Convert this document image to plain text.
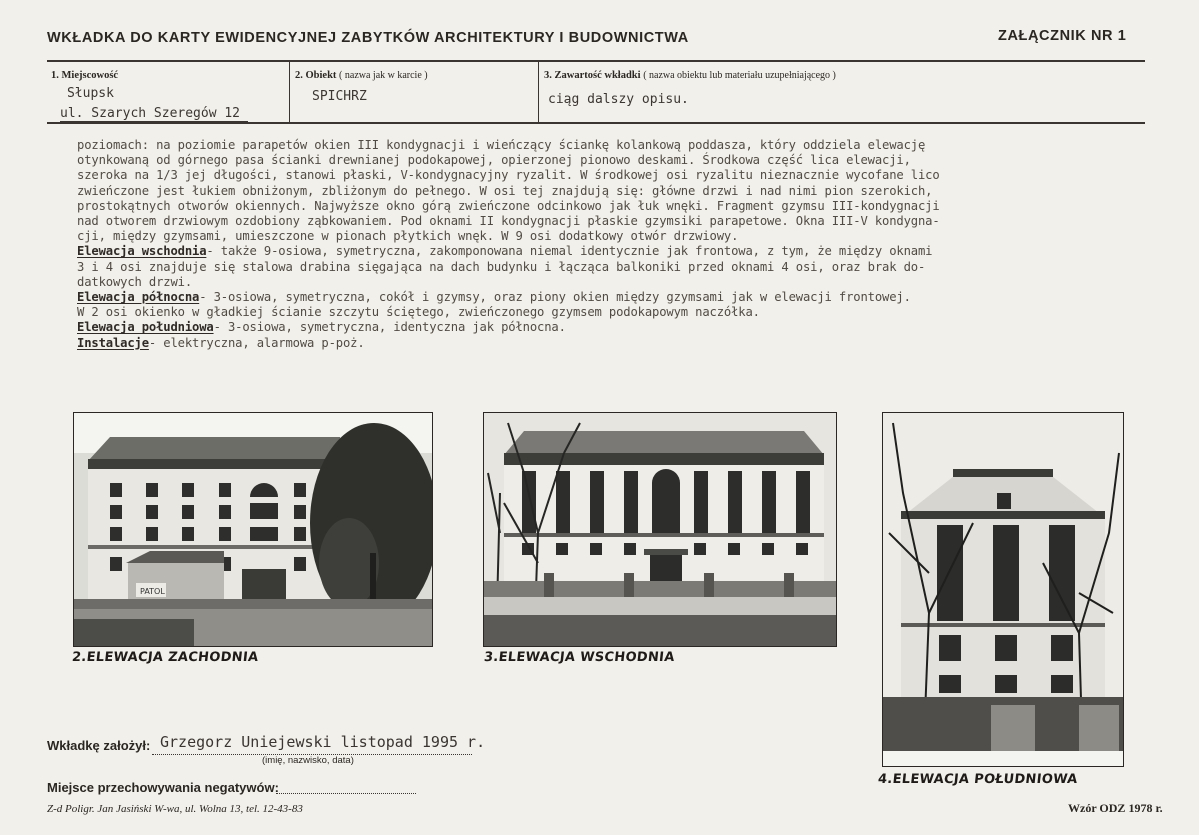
WKŁADKA DO KARTY EWIDENCYJNEJ ZABYTKÓW ARCHITEKTURY I BUDOWNICTWA	ZAŁĄCZNIK NR 1
1. Miejscowość
Słupsk
ul. Szarych Szeregów 12
2. Obiekt ( nazwa jak w karcie )
SPICHRZ
3. Zawartość wkładki ( nazwa obiektu lub materiału uzupełniającego )
ciąg dalszy opisu.
poziomach: na poziomie parapetów okien III kondygnacji i wieńczący ściankę kolankową poddasza, który oddziela elewację
otynkowaną od górnego pasa ścianki drewnianej podokapowej, opierzonej pionowo deskami. Środkowa część lica elewacji,
szeroka na 1/3 jej długości, stanowi płaski, V-kondygnacyjny ryzalit. W środkowej osi ryzalitu nieznacznie wycofane lico
zwieńczone jest łukiem obniżonym, zbliżonym do pełnego. W osi tej znajdują się: główne drzwi i nad nimi pion szerokich,
prostokątnych otworów okiennych. Najwyższe okno górą zwieńczone odcinkowo jak łuk wnęki. Fragment gzymsu III-kondygnacji
nad otworem drzwiowym ozdobiony ząbkowaniem. Pod oknami II kondygnacji płaskie gzymsiki parapetowe. Okna III-V kondygna-
cji, między gzymsami, umieszczone w pionach płytkich wnęk. W 9 osi dodatkowy otwór drzwiowy.
Elewacja wschodnia- także 9-osiowa, symetryczna, zakomponowana niemal identycznie jak frontowa, z tym, że między oknami
3 i 4 osi znajduje się stalowa drabina sięgająca na dach budynku i łącząca balkoniki przed oknami 4 osi, oraz brak do-
datkowych drzwi.
Elewacja północna- 3-osiowa, symetryczna, cokół i gzymsy, oraz piony okien między gzymsami jak w elewacji frontowej.
W 2 osi okienko w gładkiej ścianie szczytu ściętego, zwieńczonego gzymsem podokapowym naczółka.
Elewacja południowa- 3-osiowa, symetryczna, identyczna jak północna.
Instalacje- elektryczna, alarmowa p-poż.
PATOL
2.ELEWACJA ZACHODNIA	3.ELEWACJA WSCHODNIA
4.ELEWACJA POŁUDNIOWA
Wkładkę założył: Grzegorz Uniejewski listopad 1995 r.
(imię, nazwisko, data)
Miejsce przechowywania negatywów:
Z-d Poligr. Jan Jasiński W-wa, ul. Wolna 13, tel. 12-43-83	Wzór ODZ 1978 r.
